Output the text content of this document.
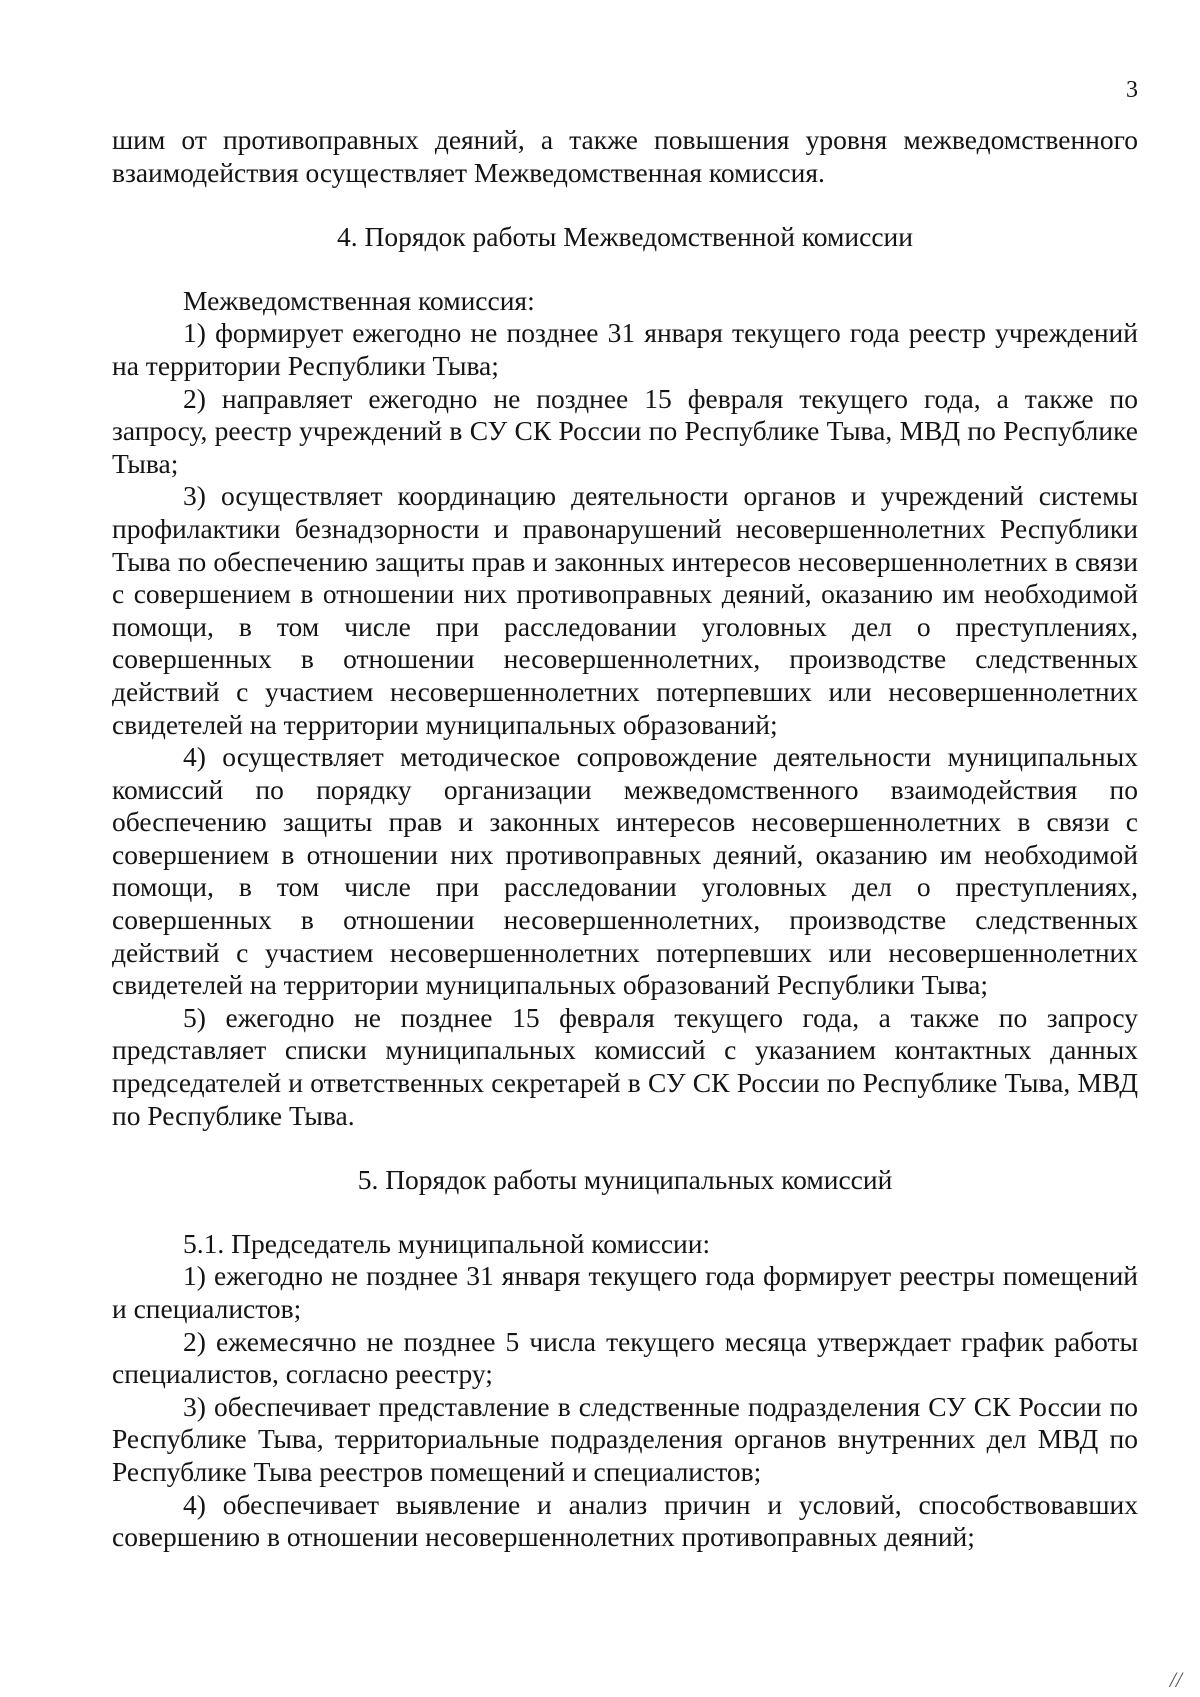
3

шим от противоправных деяний, а также повышения уровня межведомственного взаимодействия осуществляет Межведомственная комиссия.

4. Порядок работы Межведомственной комиссии

Межведомственная комиссия:

1) формирует ежегодно не позднее 31 января текущего года реестр учреждений на территории Республики Тыва;

2) направляет ежегодно не позднее 15 февраля текущего года, а также по запросу, реестр учреждений в СУ СК России по Республике Тыва, МВД по Республике Тыва;

3) осуществляет координацию деятельности органов и учреждений системы профилактики безнадзорности и правонарушений несовершеннолетних Республики Тыва по обеспечению защиты прав и законных интересов несовершеннолетних в связи с совершением в отношении них противоправных деяний, оказанию им необходимой помощи, в том числе при расследовании уголовных дел о преступлениях, совершенных в отношении несовершеннолетних, производстве следственных действий с участием несовершеннолетних потерпевших или несовершеннолетних свидетелей на территории муниципальных образований;

4) осуществляет методическое сопровождение деятельности муниципальных комиссий по порядку организации межведомственного взаимодействия по обеспечению защиты прав и законных интересов несовершеннолетних в связи с совершением в отношении них противоправных деяний, оказанию им необходимой помощи, в том числе при расследовании уголовных дел о преступлениях, совершенных в отношении несовершеннолетних, производстве следственных действий с участием несовершеннолетних потерпевших или несовершеннолетних свидетелей на территории муниципальных образований Республики Тыва;

5) ежегодно не позднее 15 февраля текущего года, а также по запросу представляет списки муниципальных комиссий с указанием контактных данных председателей и ответственных секретарей в СУ СК России по Республике Тыва, МВД по Республике Тыва.

5. Порядок работы муниципальных комиссий

5.1. Председатель муниципальной комиссии:

1) ежегодно не позднее 31 января текущего года формирует реестры помещений и специалистов;

2) ежемесячно не позднее 5 числа текущего месяца утверждает график работы специалистов, согласно реестру;

3) обеспечивает представление в следственные подразделения СУ СК России по Республике Тыва, территориальные подразделения органов внутренних дел МВД по Республике Тыва реестров помещений и специалистов;

4) обеспечивает выявление и анализ причин и условий, способствовавших совершению в отношении несовершеннолетних противоправных деяний;

//
